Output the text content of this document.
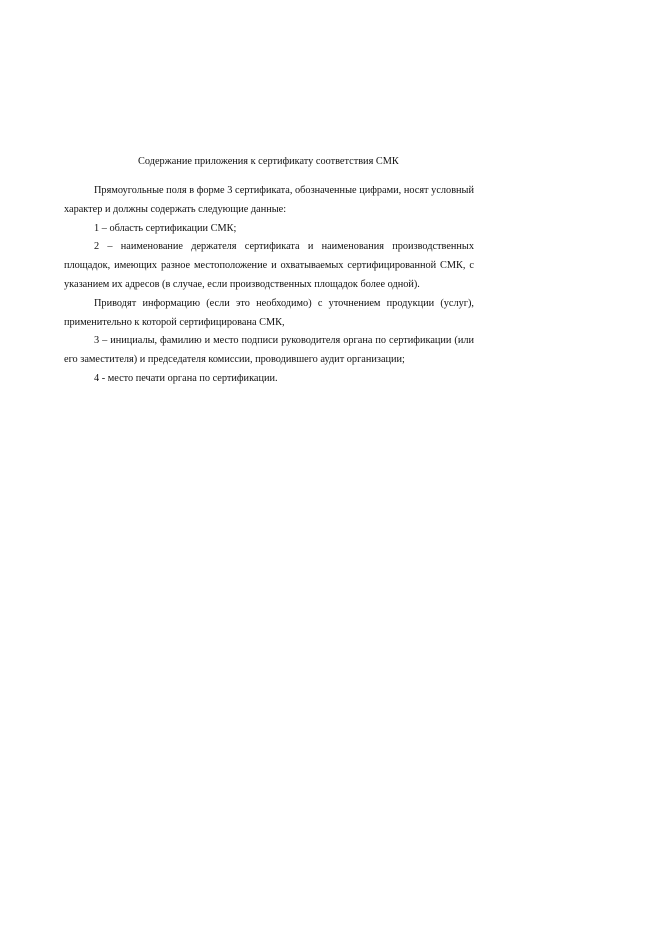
Содержание приложения к сертификату соответствия СМК

Прямоугольные поля в форме 3 сертификата, обозначенные цифрами, носят условный характер и должны содержать следующие данные:

1 – область сертификации СМК;

2 – наименование держателя сертификата и наименования производственных площадок, имеющих разное местоположение и охватываемых сертифицированной СМК, с указанием их адресов (в случае, если производственных площадок более одной).

Приводят информацию (если это необходимо) с уточнением продукции (услуг), применительно к которой сертифицирована СМК,

3 – инициалы, фамилию и место подписи руководителя органа по сертификации (или его заместителя) и председателя комиссии, проводившего аудит организации;

4 - место печати органа по сертификации.
